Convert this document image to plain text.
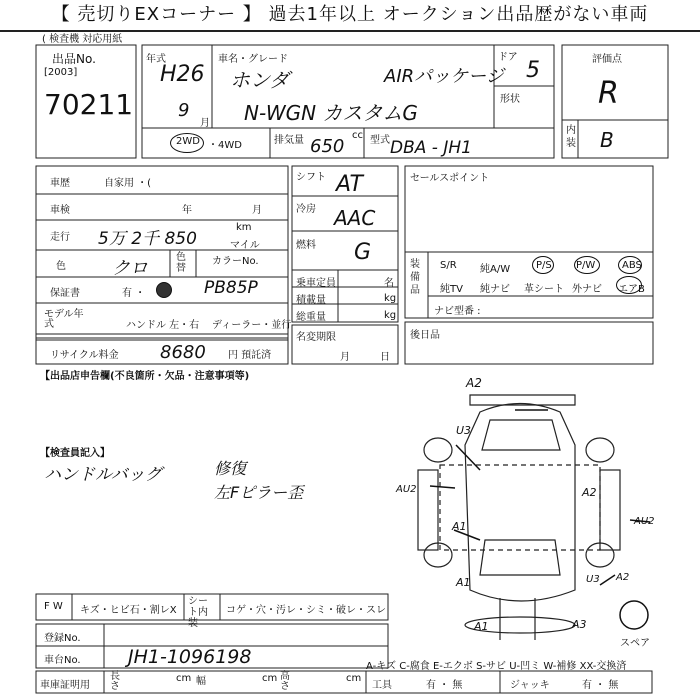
【 売切りEXコーナー 】 過去1年以上 オークション出品歴がない車両
( 検査機 対応用紙
出品No.
[2003]
70211
年式
H26
9
月
車名・グレード
ホンダ	AIRパッケージ
N-WGN カスタムG
ドア
5
形状
評価点
R
内装 B
2WD ・4WD	排気量 650
cc 型式 DBA - JH1
車歴	自家用 ・(
車検	年	月
走行 5万 2千 850
km
マイル
色	クロ
色替
カラーNo.
PB85P
保証書	有 ・
モデル年式	ハンドル 左・右 ディーラー・並行
リサイクル料金 8680 円 預託済
【出品店申告欄(不良箇所・欠品・注意事項等)
【検査員記入】
ハンドルバッグ	修復
左Fピラー歪
シフト AT
冷房 AAC
燃料 G
乗車定員	名
積載量	kg
総重量	kg
名変期限
月	日
セールスポイント
装備品
S/R 純A/W	P/S P/W	ABS
純TV 純ナビ 革シート 外ナビ エアB
ナビ型番 :
後日品
A2
U3
A2
AU2
A1	AU2
A1	U3 A2
A1	A3
スペア
F W キズ・ヒビ石・割レX
シート内装
コゲ・穴・汚レ・シミ・破レ・スレ
登録No.
車台No. JH1-1096198
車庫証明用
長さ
cm 幅	cm 高さ
cm
A-キズ C-腐食 E-エクボ S-サビ U-凹ミ W-補修 XX-交換済
工具	有 ・ 無	ジャッキ	有 ・ 無
